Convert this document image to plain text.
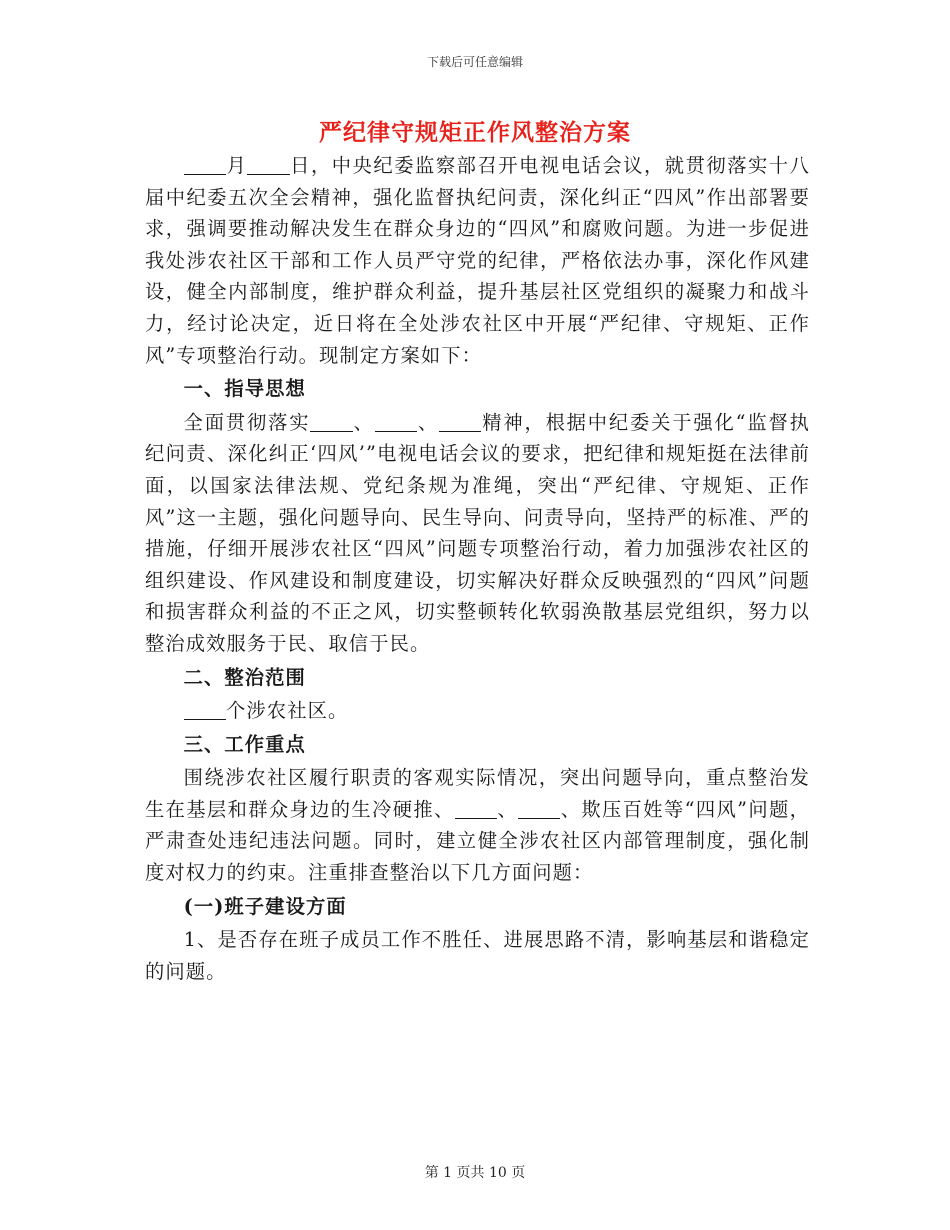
下载后可任意编辑
严纪律守规矩正作风整治方案

月 日，中央纪委监察部召开电视电话会议，就贯彻落实十八届中纪委五次全会精神，强化监督执纪问责，深化纠正“四风”作出部署要求，强调要推动解决发生在群众身边的“四风”和腐败问题。为进一步促进我处涉农社区干部和工作人员严守党的纪律，严格依法办事，深化作风建设，健全内部制度，维护群众利益，提升基层社区党组织的凝聚力和战斗力，经讨论决定，近日将在全处涉农社区中开展“严纪律、守规矩、正作风”专项整治行动。现制定方案如下：

一、指导思想

全面贯彻落实 、 、 精神，根据中纪委关于强化“监督执纪问责、深化纠正‘四风’”电视电话会议的要求，把纪律和规矩挺在法律前面，以国家法律法规、党纪条规为准绳，突出“严纪律、守规矩、正作风”这一主题，强化问题导向、民生导向、问责导向，坚持严的标准、严的措施，仔细开展涉农社区“四风”问题专项整治行动，着力加强涉农社区的组织建设、作风建设和制度建设，切实解决好群众反映强烈的“四风”问题和损害群众利益的不正之风，切实整顿转化软弱涣散基层党组织，努力以整治成效服务于民、取信于民。

二、整治范围

个涉农社区。

三、工作重点

围绕涉农社区履行职责的客观实际情况，突出问题导向，重点整治发生在基层和群众身边的生冷硬推、 、 、欺压百姓等“四风”问题，严肃查处违纪违法问题。同时，建立健全涉农社区内部管理制度，强化制度对权力的约束。注重排查整治以下几方面问题：

(一)班子建设方面

1、是否存在班子成员工作不胜任、进展思路不清，影响基层和谐稳定的问题。

第 1 页共 10 页
